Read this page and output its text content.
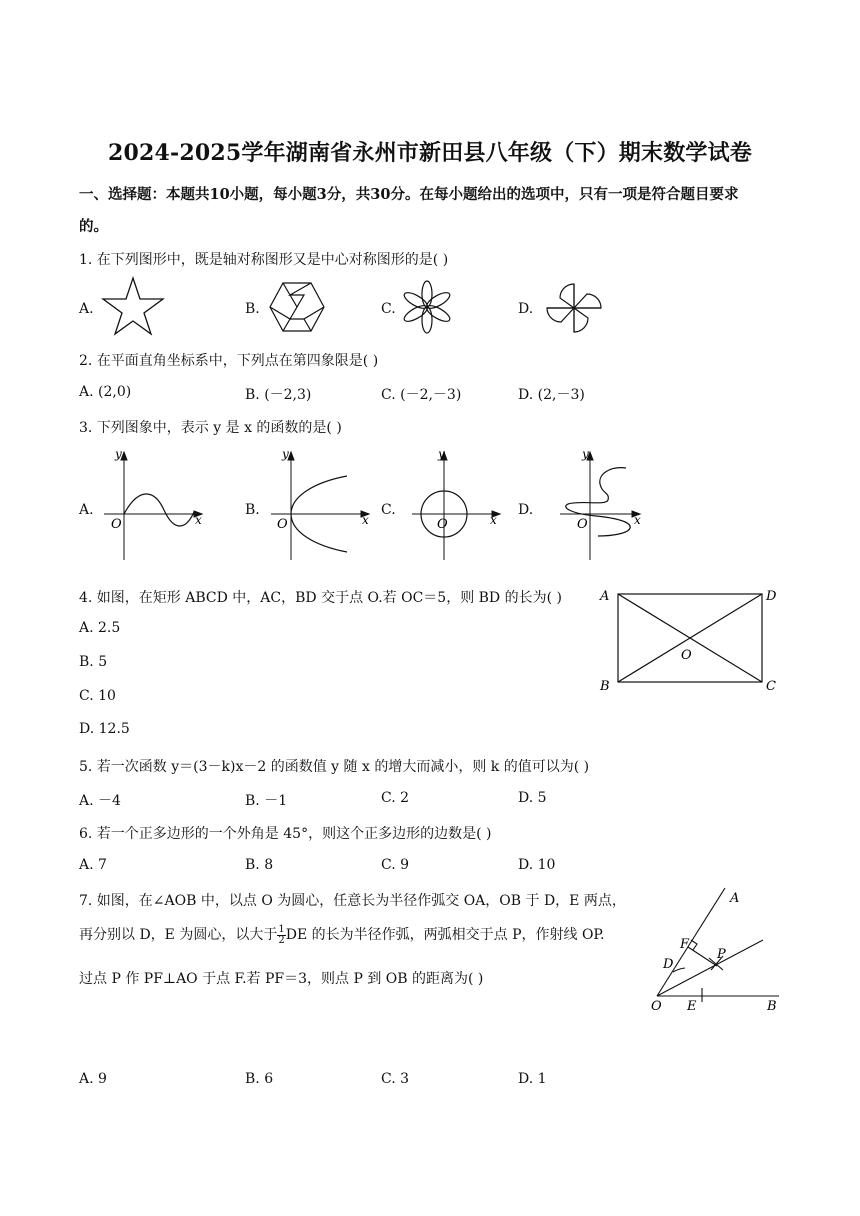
2024-2025学年湖南省永州市新田县八年级（下）期末数学试卷
一、选择题：本题共10小题，每小题3分，共30分。在每小题给出的选项中，只有一项是符合题目要求
的。
1. 在下列图形中，既是轴对称图形又是中心对称图形的是( )
A.	B.	C.	D.
2. 在平面直角坐标系中，下列点在第四象限是( )
A. (2,0)	B. (－2,3)	C. (－2,－3)	D. (2,－3)
3. 下列图象中，表示 y 是 x 的函数的是( )
A.	B.	C.	D.
y
O	x
y
O	x
y
O	x
y
O	x
4. 如图，在矩形 ABCD 中，AC，BD 交于点 O.若 OC＝5，则 BD 的长为( )
A. 2.5
B. 5
C. 10
D. 12.5
A	D
B	C
O
5. 若一次函数 y＝(3－k)x－2 的函数值 y 随 x 的增大而减小，则 k 的值可以为( )
A. －4	B. －1	C. 2	D. 5
6. 若一个正多边形的一个外角是 45°，则这个正多边形的边数是( )
A. 7	B. 8	C. 9	D. 10
7. 如图，在∠AOB 中，以点 O 为圆心，任意长为半径作弧交 OA，OB 于 D，E 两点，
再分别以 D，E 为圆心，以大于 $\frac{1}{2}$ DE 的长为半径作弧，两弧相交于点 P，作射线 OP.
过点 P 作 PF⊥AO 于点 F.若 PF＝3，则点 P 到 OB 的距离为( )
A. 9	B. 6	C. 3	D. 1
A
B
O
D
E
F
P
